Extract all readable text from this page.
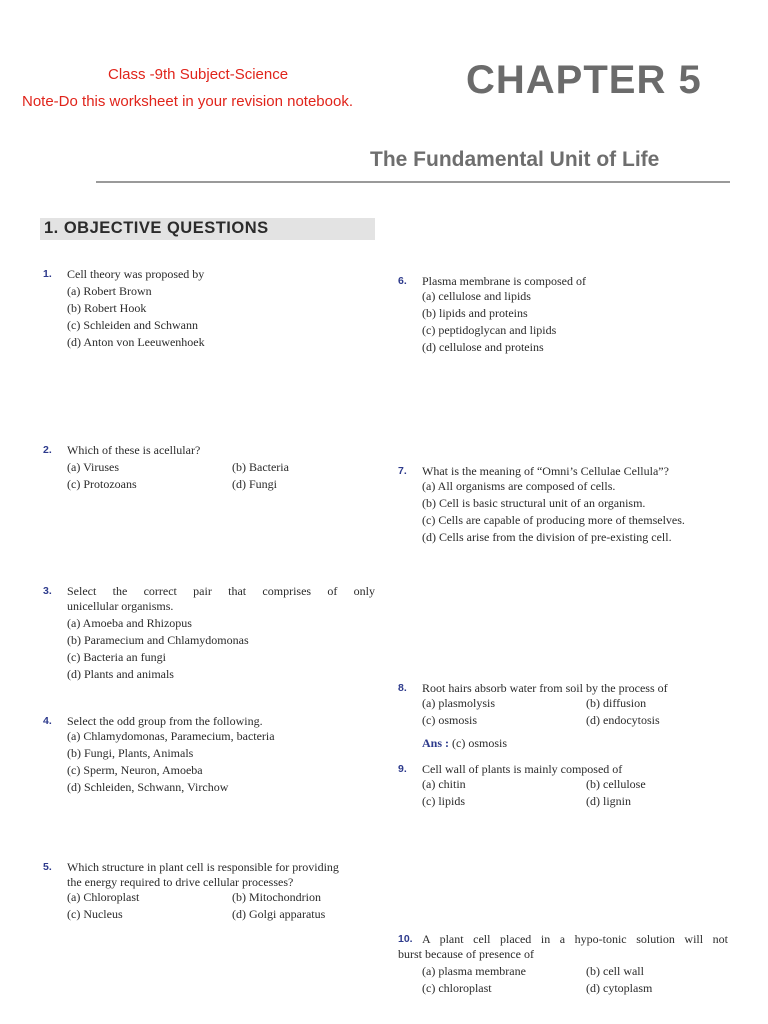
Class -9th Subject-Science
Note-Do this worksheet in your revision notebook.	CHAPTER 5
The Fundamental Unit of Life
1. OBJECTIVE QUESTIONS
1. Cell theory was proposed by
(a) Robert Brown
(b) Robert Hook
(c) Schleiden and Schwann
(d) Anton von Leeuwenhoek
2. Which of these is acellular?
(a) Viruses	(b) Bacteria
(c) Protozoans	(d) Fungi
3. Select the correct pair that comprises of only
unicellular organisms.
(a) Amoeba and Rhizopus
(b) Paramecium and Chlamydomonas
(c) Bacteria an fungi
(d) Plants and animals
4. Select the odd group from the following.
(a) Chlamydomonas, Paramecium, bacteria
(b) Fungi, Plants, Animals
(c) Sperm, Neuron, Amoeba
(d) Schleiden, Schwann, Virchow
5. Which structure in plant cell is responsible for providing
the energy required to drive cellular processes?
(a) Chloroplast	(b) Mitochondrion
(c) Nucleus	(d) Golgi apparatus
6. Plasma membrane is composed of
(a) cellulose and lipids
(b) lipids and proteins
(c) peptidoglycan and lipids
(d) cellulose and proteins
7. What is the meaning of “Omni’s Cellulae Cellula”?
(a) All organisms are composed of cells.
(b) Cell is basic structural unit of an organism.
(c) Cells are capable of producing more of themselves.
(d) Cells arise from the division of pre-existing cell.
8. Root hairs absorb water from soil by the process of
(a) plasmolysis	(b) diffusion
(c) osmosis	(d) endocytosis
Ans : (c) osmosis
9. Cell wall of plants is mainly composed of
(a) chitin	(b) cellulose
(c) lipids	(d) lignin
10. A plant cell placed in a hypo-tonic solution will not
burst because of presence of
(a) plasma membrane	(b) cell wall
(c) chloroplast	(d) cytoplasm
